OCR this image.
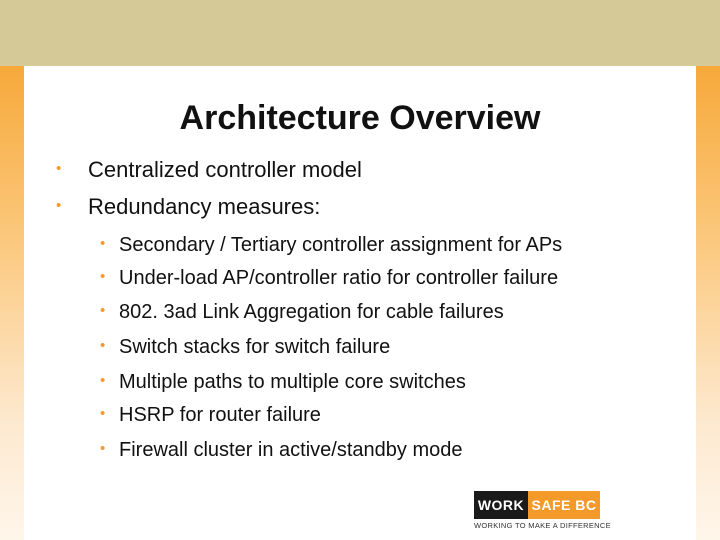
Architecture Overview
• Centralized controller model
• Redundancy measures:
• Secondary / Tertiary controller assignment for APs
• Under-load AP/controller ratio for controller failure
• 802. 3ad Link Aggregation for cable failures
• Switch stacks for switch failure
• Multiple paths to multiple core switches
• HSRP for router failure
• Firewall cluster in active/standby mode
WORK SAFE BC
WORKING TO MAKE A DIFFERENCE
